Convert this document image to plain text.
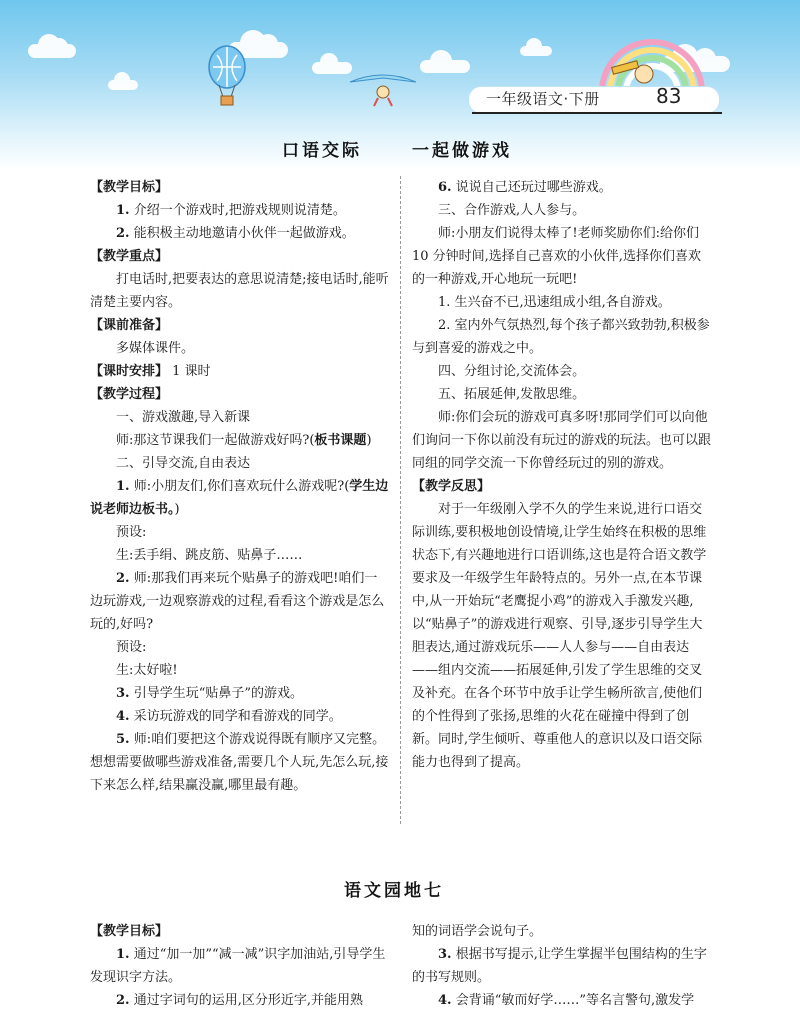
一年级语文·下册	83
口语交际	一起做游戏

【教学目标】

1. 介绍一个游戏时,把游戏规则说清楚。

2. 能积极主动地邀请小伙伴一起做游戏。

【教学重点】

打电话时,把要表达的意思说清楚;接电话时,能听清楚主要内容。

【课前准备】

多媒体课件。

【课时安排】 1 课时

【教学过程】

一、游戏激趣,导入新课

师:那这节课我们一起做游戏好吗?(板书课题)

二、引导交流,自由表达

1. 师:小朋友们,你们喜欢玩什么游戏呢?(学生边说老师边板书。)

预设:

生:丢手绢、跳皮筋、贴鼻子……

2. 师:那我们再来玩个贴鼻子的游戏吧!咱们一边玩游戏,一边观察游戏的过程,看看这个游戏是怎么玩的,好吗?

预设:

生:太好啦!

3. 引导学生玩“贴鼻子”的游戏。

4. 采访玩游戏的同学和看游戏的同学。

5. 师:咱们要把这个游戏说得既有顺序又完整。想想需要做哪些游戏准备,需要几个人玩,先怎么玩,接下来怎么样,结果赢没赢,哪里最有趣。

6. 说说自己还玩过哪些游戏。

三、合作游戏,人人参与。

师:小朋友们说得太棒了!老师奖励你们:给你们 10 分钟时间,选择自己喜欢的小伙伴,选择你们喜欢的一种游戏,开心地玩一玩吧!

1. 生兴奋不已,迅速组成小组,各自游戏。

2. 室内外气氛热烈,每个孩子都兴致勃勃,积极参与到喜爱的游戏之中。

四、分组讨论,交流体会。

五、拓展延伸,发散思维。

师:你们会玩的游戏可真多呀!那同学们可以向他们询问一下你以前没有玩过的游戏的玩法。也可以跟同组的同学交流一下你曾经玩过的别的游戏。

【教学反思】

对于一年级刚入学不久的学生来说,进行口语交际训练,要积极地创设情境,让学生始终在积极的思维状态下,有兴趣地进行口语训练,这也是符合语文教学要求及一年级学生年龄特点的。另外一点,在本节课中,从一开始玩“老鹰捉小鸡”的游戏入手激发兴趣,以“贴鼻子”的游戏进行观察、引导,逐步引导学生大胆表达,通过游戏玩乐——人人参与——自由表达——组内交流——拓展延伸,引发了学生思维的交叉及补充。在各个环节中放手让学生畅所欲言,使他们的个性得到了张扬,思维的火花在碰撞中得到了创新。同时,学生倾听、尊重他人的意识以及口语交际能力也得到了提高。

语文园地七

【教学目标】

1. 通过“加一加”“减一减”识字加油站,引导学生发现识字方法。

2. 通过字词句的运用,区分形近字,并能用熟

知的词语学会说句子。

3. 根据书写提示,让学生掌握半包围结构的生字的书写规则。

4. 会背诵“敏而好学……”等名言警句,激发学
